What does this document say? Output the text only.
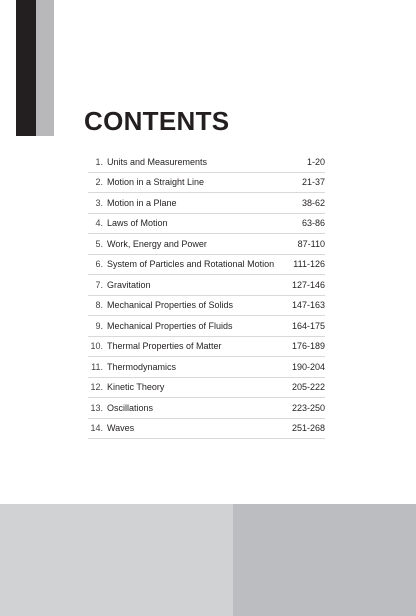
CONTENTS
1. Units and Measurements	1-20
2. Motion in a Straight Line	21-37
3. Motion in a Plane	38-62
4. Laws of Motion	63-86
5. Work, Energy and Power	87-110
6. System of Particles and Rotational Motion	111-126
7. Gravitation	127-146
8. Mechanical Properties of Solids	147-163
9. Mechanical Properties of Fluids	164-175
10. Thermal Properties of Matter	176-189
11. Thermodynamics	190-204
12. Kinetic Theory	205-222
13. Oscillations	223-250
14. Waves	251-268
